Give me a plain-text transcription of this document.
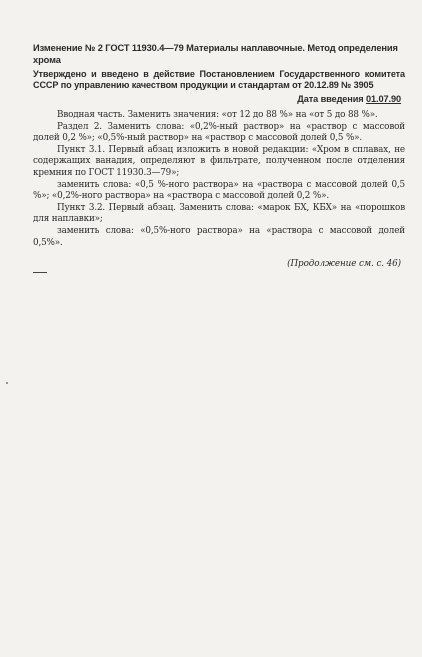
Изменение № 2 ГОСТ 11930.4—79 Материалы наплавочные. Метод определения хрома
Утверждено и введено в действие Постановлением Государственного комитета СССР по управлению качеством продукции и стандартам от 20.12.89 № 3905
Дата введения 01.07.90

Вводная часть. Заменить значения: «от 12 до 88 %» на «от 5 до 88 %».

Раздел 2. Заменить слова: «0,2%-ный раствор» на «раствор с массовой долей 0,2 %»; «0,5%-ный раствор» на «раствор с массовой долей 0,5 %».

Пункт 3.1. Первый абзац изложить в новой редакции: «Хром в сплавах, не содержащих ванадия, определяют в фильтрате, полученном после отделения кремния по ГОСТ 11930.3—79»;

заменить слова: «0,5 %-ного раствора» на «раствора с массовой долей 0,5 %»; «0,2%-ного раствора» на «раствора с массовой долей 0,2 %».

Пункт 3.2. Первый абзац. Заменить слова: «марок БХ, КБХ» на «порошков для наплавки»;

заменить слова: «0,5%-ного раствора» на «раствора с массовой долей 0,5%».

(Продолжение см. с. 46)
